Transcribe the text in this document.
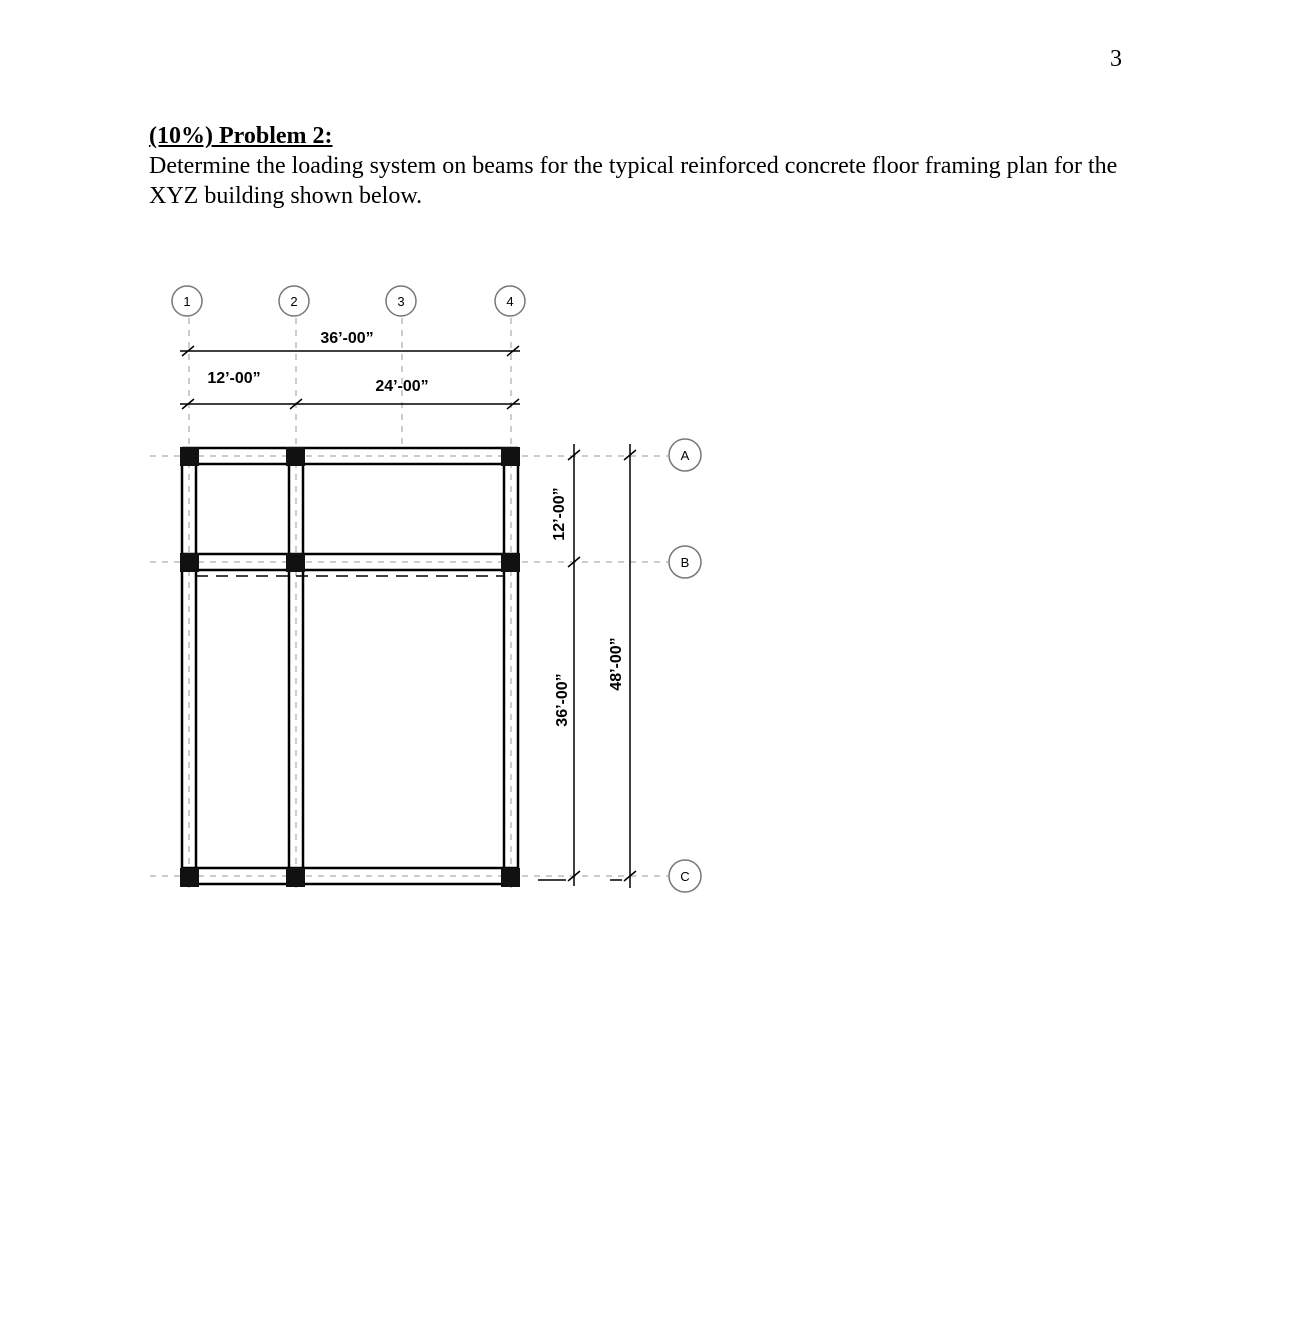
3
(10%) Problem 2:
Determine the loading system on beams for the typical reinforced concrete floor framing plan for the XYZ building shown below.
1	2	3	4
A
B
C
36’-00”
12’-00”	24’-00”
12’-00”
36’-00”
48’-00”
